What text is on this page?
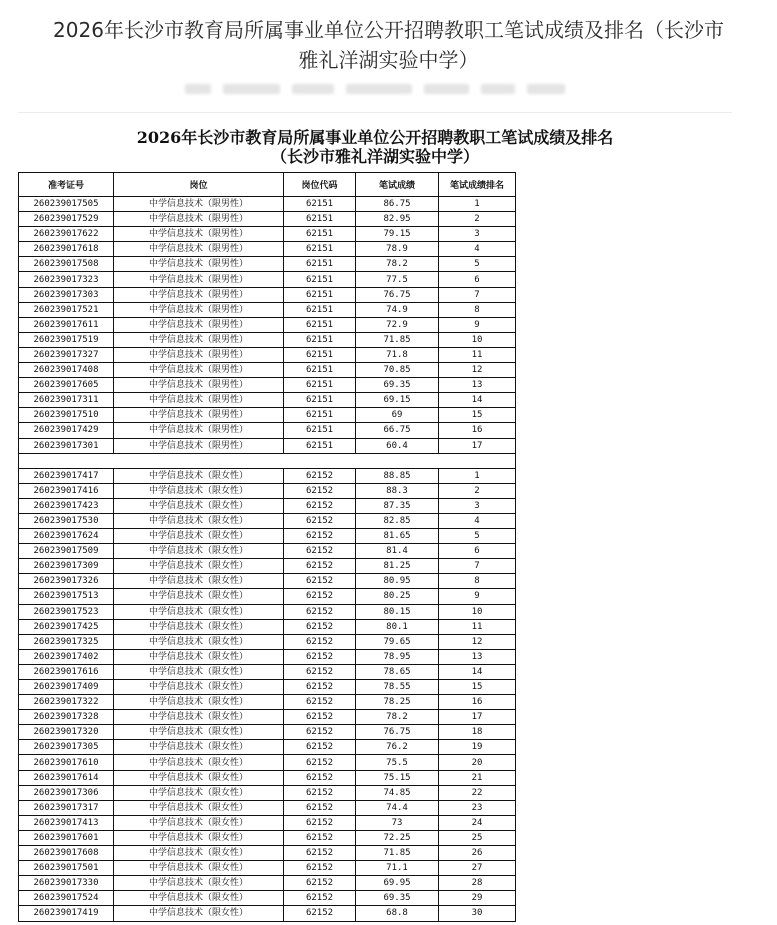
2026年长沙市教育局所属事业单位公开招聘教职工笔试成绩及排名（长沙市
雅礼洋湖实验中学）
2026年长沙市教育局所属事业单位公开招聘教职工笔试成绩及排名
（长沙市雅礼洋湖实验中学）
准考证号	岗位	岗位代码	笔试成绩	笔试成绩排名
260239017505	中学信息技术（限男性）	62151	86.75	1
260239017529	中学信息技术（限男性）	62151	82.95	2
260239017622	中学信息技术（限男性）	62151	79.15	3
260239017618	中学信息技术（限男性）	62151	78.9	4
260239017508	中学信息技术（限男性）	62151	78.2	5
260239017323	中学信息技术（限男性）	62151	77.5	6
260239017303	中学信息技术（限男性）	62151	76.75	7
260239017521	中学信息技术（限男性）	62151	74.9	8
260239017611	中学信息技术（限男性）	62151	72.9	9
260239017519	中学信息技术（限男性）	62151	71.85	10
260239017327	中学信息技术（限男性）	62151	71.8	11
260239017408	中学信息技术（限男性）	62151	70.85	12
260239017605	中学信息技术（限男性）	62151	69.35	13
260239017311	中学信息技术（限男性）	62151	69.15	14
260239017510	中学信息技术（限男性）	62151	69	15
260239017429	中学信息技术（限男性）	62151	66.75	16
260239017301	中学信息技术（限男性）	62151	60.4	17

260239017417	中学信息技术（限女性）	62152	88.85	1
260239017416	中学信息技术（限女性）	62152	88.3	2
260239017423	中学信息技术（限女性）	62152	87.35	3
260239017530	中学信息技术（限女性）	62152	82.85	4
260239017624	中学信息技术（限女性）	62152	81.65	5
260239017509	中学信息技术（限女性）	62152	81.4	6
260239017309	中学信息技术（限女性）	62152	81.25	7
260239017326	中学信息技术（限女性）	62152	80.95	8
260239017513	中学信息技术（限女性）	62152	80.25	9
260239017523	中学信息技术（限女性）	62152	80.15	10
260239017425	中学信息技术（限女性）	62152	80.1	11
260239017325	中学信息技术（限女性）	62152	79.65	12
260239017402	中学信息技术（限女性）	62152	78.95	13
260239017616	中学信息技术（限女性）	62152	78.65	14
260239017409	中学信息技术（限女性）	62152	78.55	15
260239017322	中学信息技术（限女性）	62152	78.25	16
260239017328	中学信息技术（限女性）	62152	78.2	17
260239017320	中学信息技术（限女性）	62152	76.75	18
260239017305	中学信息技术（限女性）	62152	76.2	19
260239017610	中学信息技术（限女性）	62152	75.5	20
260239017614	中学信息技术（限女性）	62152	75.15	21
260239017306	中学信息技术（限女性）	62152	74.85	22
260239017317	中学信息技术（限女性）	62152	74.4	23
260239017413	中学信息技术（限女性）	62152	73	24
260239017601	中学信息技术（限女性）	62152	72.25	25
260239017608	中学信息技术（限女性）	62152	71.85	26
260239017501	中学信息技术（限女性）	62152	71.1	27
260239017330	中学信息技术（限女性）	62152	69.95	28
260239017524	中学信息技术（限女性）	62152	69.35	29
260239017419	中学信息技术（限女性）	62152	68.8	30
